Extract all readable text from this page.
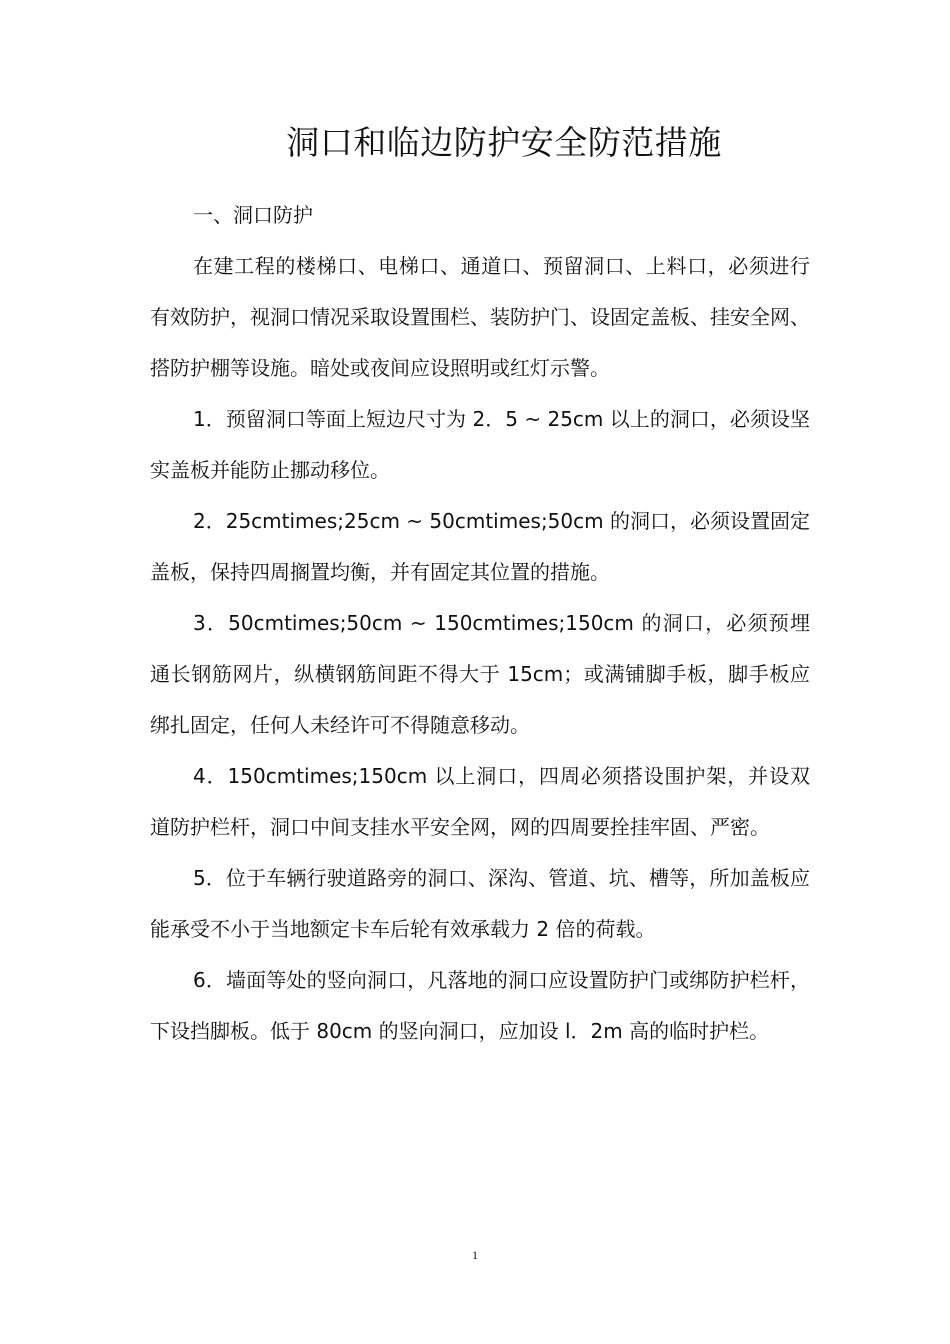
洞口和临边防护安全防范措施

一、洞口防护

在建工程的楼梯口、电梯口、通道口、预留洞口、上料口，必须进行有效防护，视洞口情况采取设置围栏、装防护门、设固定盖板、挂安全网、搭防护棚等设施。暗处或夜间应设照明或红灯示警。

1．预留洞口等面上短边尺寸为 2．5 ~ 25cm 以上的洞口，必须设坚实盖板并能防止挪动移位。

2．25cmtimes;25cm ~ 50cmtimes;50cm 的洞口，必须设置固定盖板，保持四周搁置均衡，并有固定其位置的措施。

3．50cmtimes;50cm ~ 150cmtimes;150cm 的洞口，必须预埋通长钢筋网片，纵横钢筋间距不得大于 15cm；或满铺脚手板，脚手板应绑扎固定，任何人未经许可不得随意移动。

4．150cmtimes;150cm 以上洞口，四周必须搭设围护架，并设双道防护栏杆，洞口中间支挂水平安全网，网的四周要拴挂牢固、严密。

5．位于车辆行驶道路旁的洞口、深沟、管道、坑、槽等，所加盖板应能承受不小于当地额定卡车后轮有效承载力 2 倍的荷载。

6．墙面等处的竖向洞口，凡落地的洞口应设置防护门或绑防护栏杆，下设挡脚板。低于 80cm 的竖向洞口，应加设 l．2m 高的临时护栏。

1
